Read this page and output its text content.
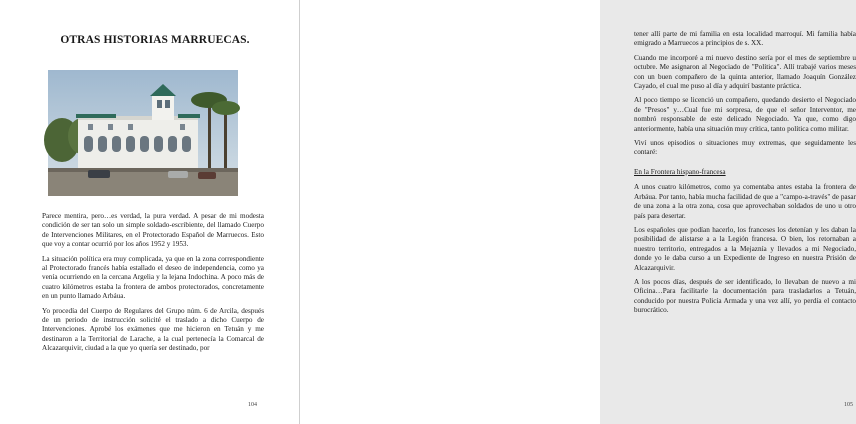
OTRAS HISTORIAS MARRUECAS.

Parece mentira, pero…es verdad, la pura verdad. A pesar de mi modesta condición de ser tan solo un simple soldado-escribiente, del llamado Cuerpo de Intervenciones Militares, en el Protectorado Español de Marruecos. Esto que voy a contar ocurrió por los años 1952 y 1953.

La situación política era muy complicada, ya que en la zona correspondiente al Protectorado francés había estallado el deseo de independencia, como ya venía ocurriendo en la cercana Argelia y la lejana Indochina. A poco más de cuatro kilómetros estaba la frontera de ambos protectorados, concretamente en un punto llamado Arbáua.

Yo procedía del Cuerpo de Regulares del Grupo núm. 6 de Arcila, después de un periodo de instrucción solicité el traslado a dicho Cuerpo de Intervenciones. Aprobé los exámenes que me hicieron en Tetuán y me destinaron a la Territorial de Larache, a la cual pertenecía la Comarcal de Alcazarquivir, ciudad a la que yo quería ser destinado, por

104

tener allí parte de mi familia en esta localidad marroquí. Mi familia había emigrado a Marruecos a principios de s. XX.

Cuando me incorporé a mi nuevo destino sería por el mes de septiembre u octubre. Me asignaron al Negociado de "Política". Allí trabajé varios meses con un buen compañero de la quinta anterior, llamado Joaquín González Cayado, el cual me puso al día y adquirí bastante práctica.

Al poco tiempo se licenció un compañero, quedando desierto el Negociado de "Presos" y…Cual fue mi sorpresa, de que el señor Interventor, me nombró responsable de este delicado Negociado. Ya que, como digo anteriormente, había una situación muy crítica, tanto política como militar.

Viví unos episodios o situaciones muy extremas, que seguidamente les contaré:

En la Frontera hispano-francesa

A unos cuatro kilómetros, como ya comentaba antes estaba la frontera de Arbáua. Por tanto, había mucha facilidad de que a "campo-a-través" de pasar de una zona a la otra zona, cosa que aprovechaban soldados de uno u otro país para desertar.

Los españoles que podían hacerlo, los franceses los detenían y les daban la posibilidad de alistarse a a la Legión francesa. O bien, los retornaban a nuestro territorio, entregados a la Mejaznía y llevados a mi Negociado, donde yo le daba curso a un Expediente de Ingreso en nuestra Prisión de Alcazarquivir.

A los pocos días, después de ser identificado, lo llevaban de nuevo a mi Oficina…Para facilitarle la documentación para trasladarlos a Tetuán, conducido por nuestra Policía Armada y una vez allí, yo perdía el contacto burocrático.

105
